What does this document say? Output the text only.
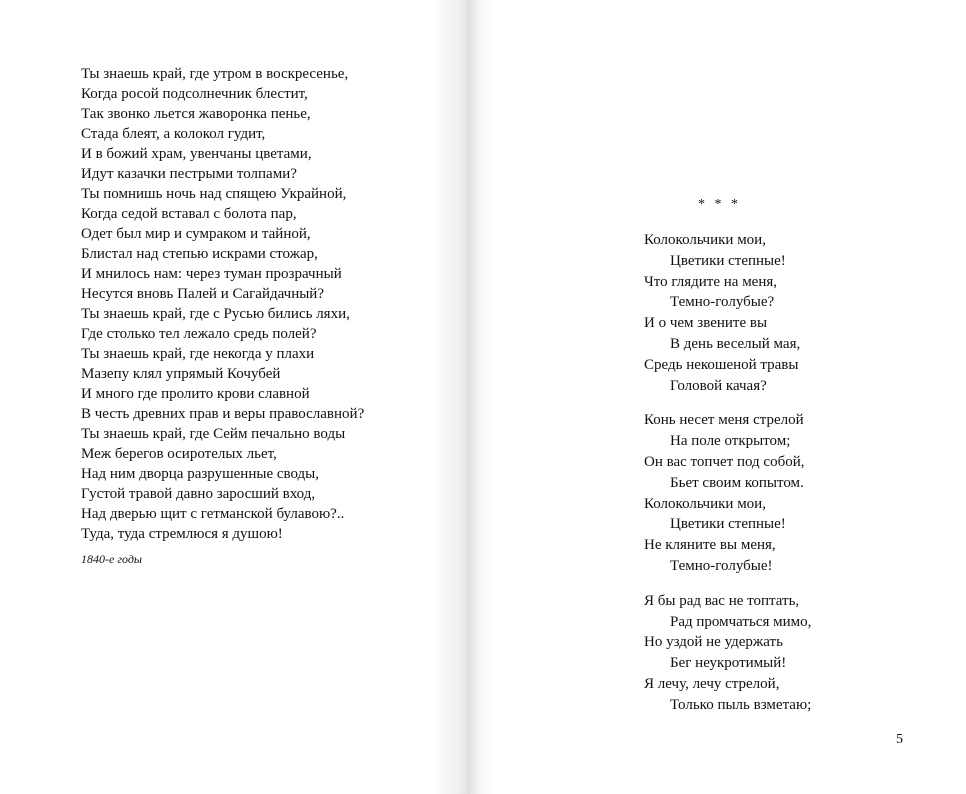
Ты знаешь край, где утром в воскресенье,
Когда росой подсолнечник блестит,
Так звонко льется жаворонка пенье,
Стада блеят, а колокол гудит,
И в божий храм, увенчаны цветами,
Идут казачки пестрыми толпами?
Ты помнишь ночь над спящею Украйной,
Когда седой вставал с болота пар,
Одет был мир и сумраком и тайной,
Блистал над степью искрами стожар,
И мнилось нам: через туман прозрачный
Несутся вновь Палей и Сагайдачный?
Ты знаешь край, где с Русью бились ляхи,
Где столько тел лежало средь полей?
Ты знаешь край, где некогда у плахи
Мазепу клял упрямый Кочубей
И много где пролито крови славной
В честь древних прав и веры православной?
Ты знаешь край, где Сейм печально воды
Меж берегов осиротелых льет,
Над ним дворца разрушенные своды,
Густой травой давно заросший вход,
Над дверью щит с гетманской булавою?..
Туда, туда стремлюся я душою!
1840-е годы
* * *
Колокольчики мои,
Цветики степные!
Что глядите на меня,
Темно-голубые?
И о чем звените вы
В день веселый мая,
Средь некошеной травы
Головой качая?
Конь несет меня стрелой
На поле открытом;
Он вас топчет под собой,
Бьет своим копытом.
Колокольчики мои,
Цветики степные!
Не кляните вы меня,
Темно-голубые!
Я бы рад вас не топтать,
Рад промчаться мимо,
Но уздой не удержать
Бег неукротимый!
Я лечу, лечу стрелой,
Только пыль взметаю;
5
